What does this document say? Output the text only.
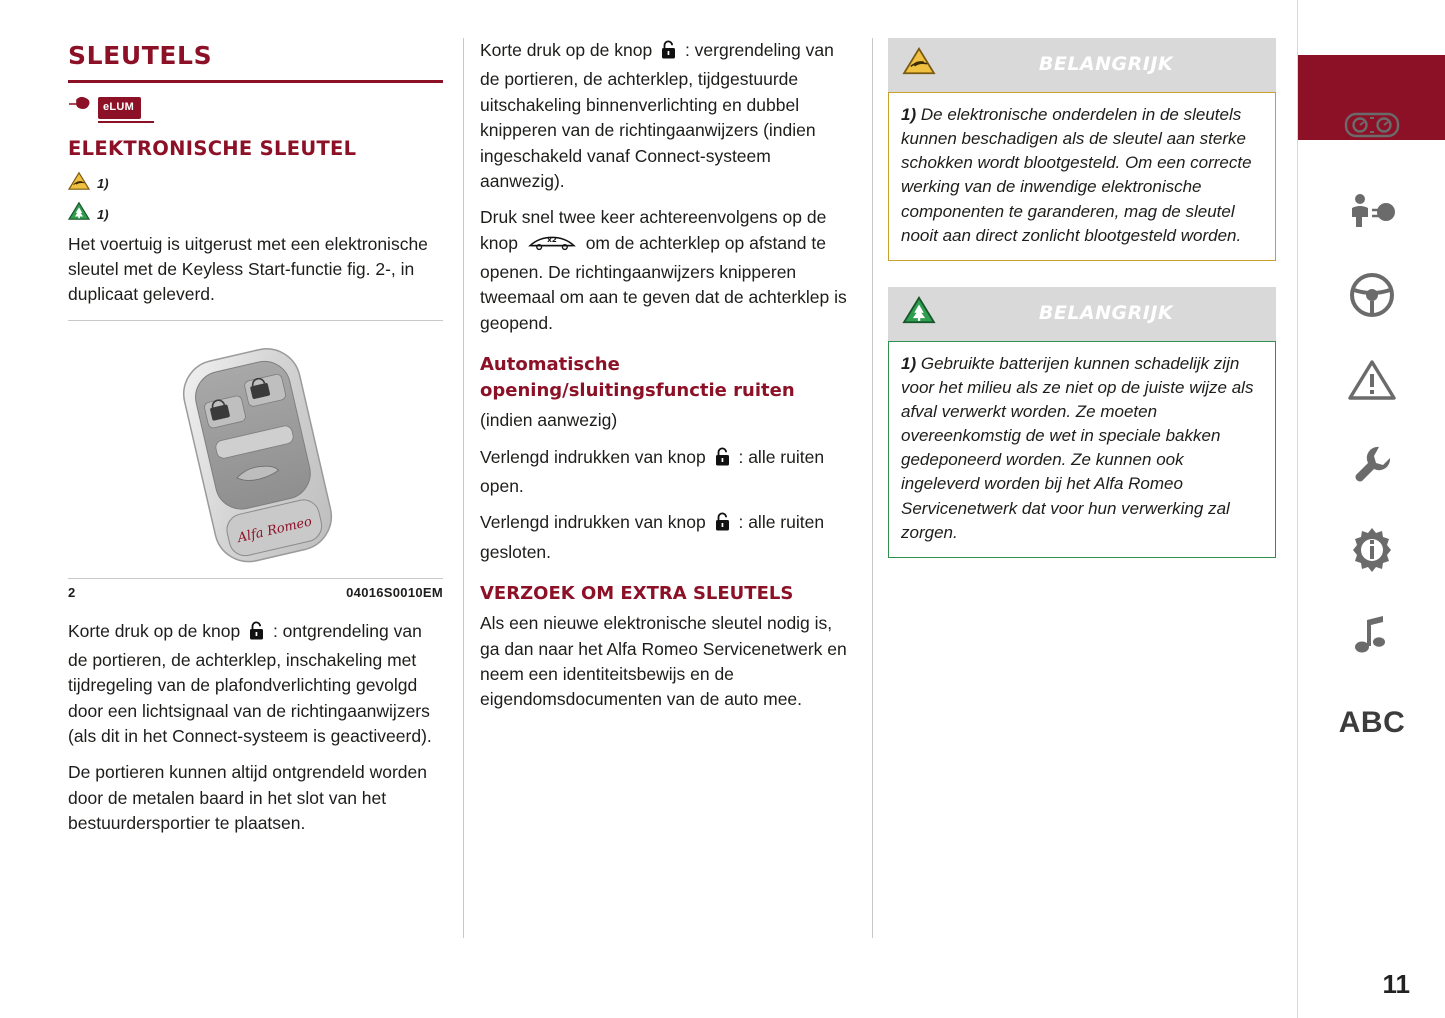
SLEUTELS
eLUM
ELEKTRONISCHE SLEUTEL
1)
1)

Het voertuig is uitgerust met een elektronische sleutel met de Keyless Start-functie fig. 2-, in duplicaat geleverd.

Alfa Romeo
2	04016S0010EM

Korte druk op de knop : ontgrendeling van de portieren, de achterklep, inschakeling met tijdregeling van de plafondverlichting gevolgd door een lichtsignaal van de richtingaanwijzers (als dit in het Connect-systeem is geactiveerd).

De portieren kunnen altijd ontgrendeld worden door de metalen baard in het slot van het bestuurdersportier te plaatsen.

Korte druk op de knop : vergrendeling van de portieren, de achterklep, tijdgestuurde uitschakeling binnenverlichting en dubbel knipperen van de richtingaanwijzers (indien ingeschakeld vanaf Connect-systeem aanwezig).

Druk snel twee keer achtereenvolgens op de knop	x2 om de achterklep op afstand te openen. De richtingaanwijzers knipperen tweemaal om aan te geven dat de achterklep is geopend.

Automatische opening/sluitingsfunctie ruiten

(indien aanwezig)

Verlengd indrukken van knop : alle ruiten open.

Verlengd indrukken van knop : alle ruiten gesloten.

VERZOEK OM EXTRA SLEUTELS

Als een nieuwe elektronische sleutel nodig is, ga dan naar het Alfa Romeo Servicenetwerk en neem een identiteitsbewijs en de eigendomsdocumenten van de auto mee.

BELANGRIJK
1) De elektronische onderdelen in de sleutels kunnen beschadigen als de sleutel aan sterke schokken wordt blootgesteld. Om een correcte werking van de inwendige elektronische componenten te garanderen, mag de sleutel nooit aan direct zonlicht blootgesteld worden.
BELANGRIJK
1) Gebruikte batterijen kunnen schadelijk zijn voor het milieu als ze niet op de juiste wijze als afval verwerkt worden. Ze moeten overeenkomstig de wet in speciale bakken gedeponeerd worden. Ze kunnen ook ingeleverd worden bij het Alfa Romeo Servicenetwerk dat voor hun verwerking zal zorgen.
ABC
11
